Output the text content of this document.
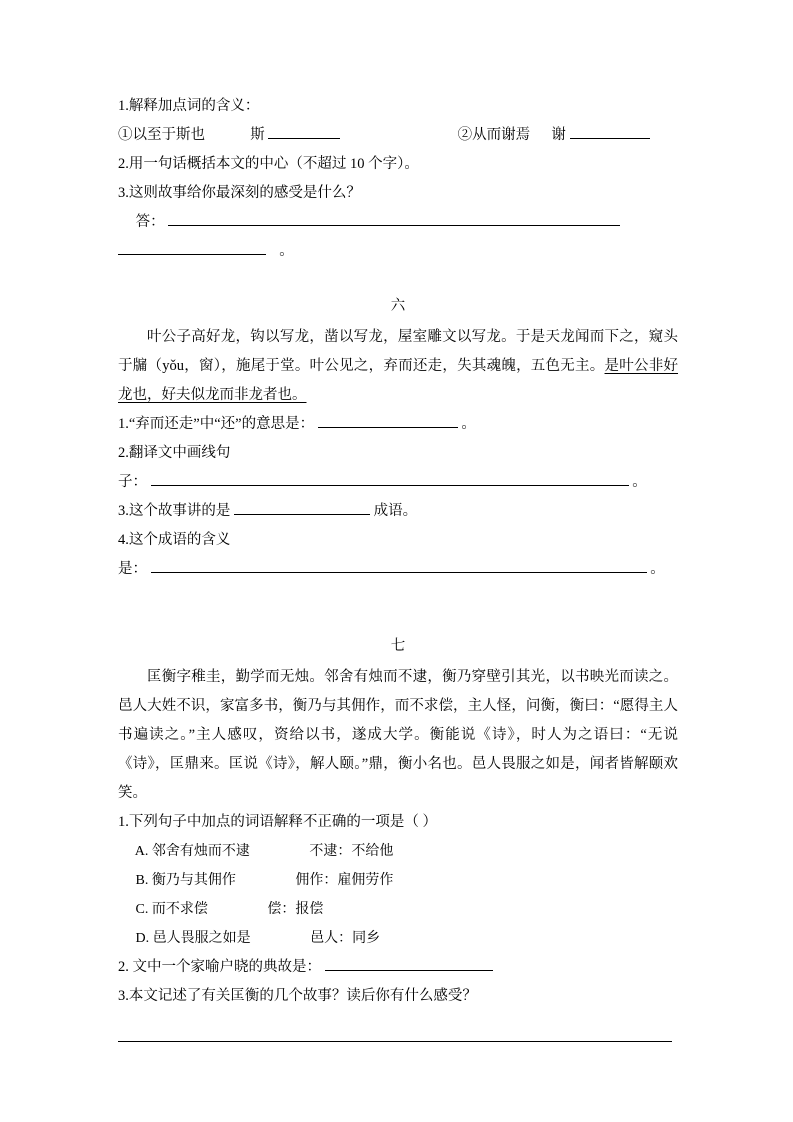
1.解释加点词的含义：
①以至于斯也	斯	②从而谢焉 谢
2.用一句话概括本文的中心（不超过 10 个字）。
3.这则故事给你最深刻的感受是什么？
答：
。
六
叶公子高好龙，钩以写龙，凿以写龙，屋室雕文以写龙。于是天龙闻而下之，窥头于牖（yǒu，窗），施尾于堂。叶公见之，弃而还走，失其魂魄，五色无主。是叶公非好龙也，好夫似龙而非龙者也。
1.“弃而还走”中“还”的意思是：	。
2.翻译文中画线句
子：	。
3.这个故事讲的是	成语。
4.这个成语的含义
是：	。
七
匡衡字稚圭，勤学而无烛。邻舍有烛而不逮，衡乃穿壁引其光，以书映光而读之。邑人大姓不识，家富多书，衡乃与其佣作，而不求偿，主人怪，问衡，衡曰：“愿得主人书遍读之。”主人感叹，资给以书，遂成大学。衡能说《诗》，时人为之语曰：“无说《诗》，匡鼎来。匡说《诗》，解人颐。”鼎，衡小名也。邑人畏服之如是，闻者皆解颐欢笑。
1.下列句子中加点的词语解释不正确的一项是（ ）
A. 邻舍有烛而不逮	不逮：不给他
B. 衡乃与其佣作	佣作：雇佣劳作
C. 而不求偿	偿：报偿
D. 邑人畏服之如是	邑人：同乡
2. 文中一个家喻户晓的典故是：
3.本文记述了有关匡衡的几个故事？读后你有什么感受？
